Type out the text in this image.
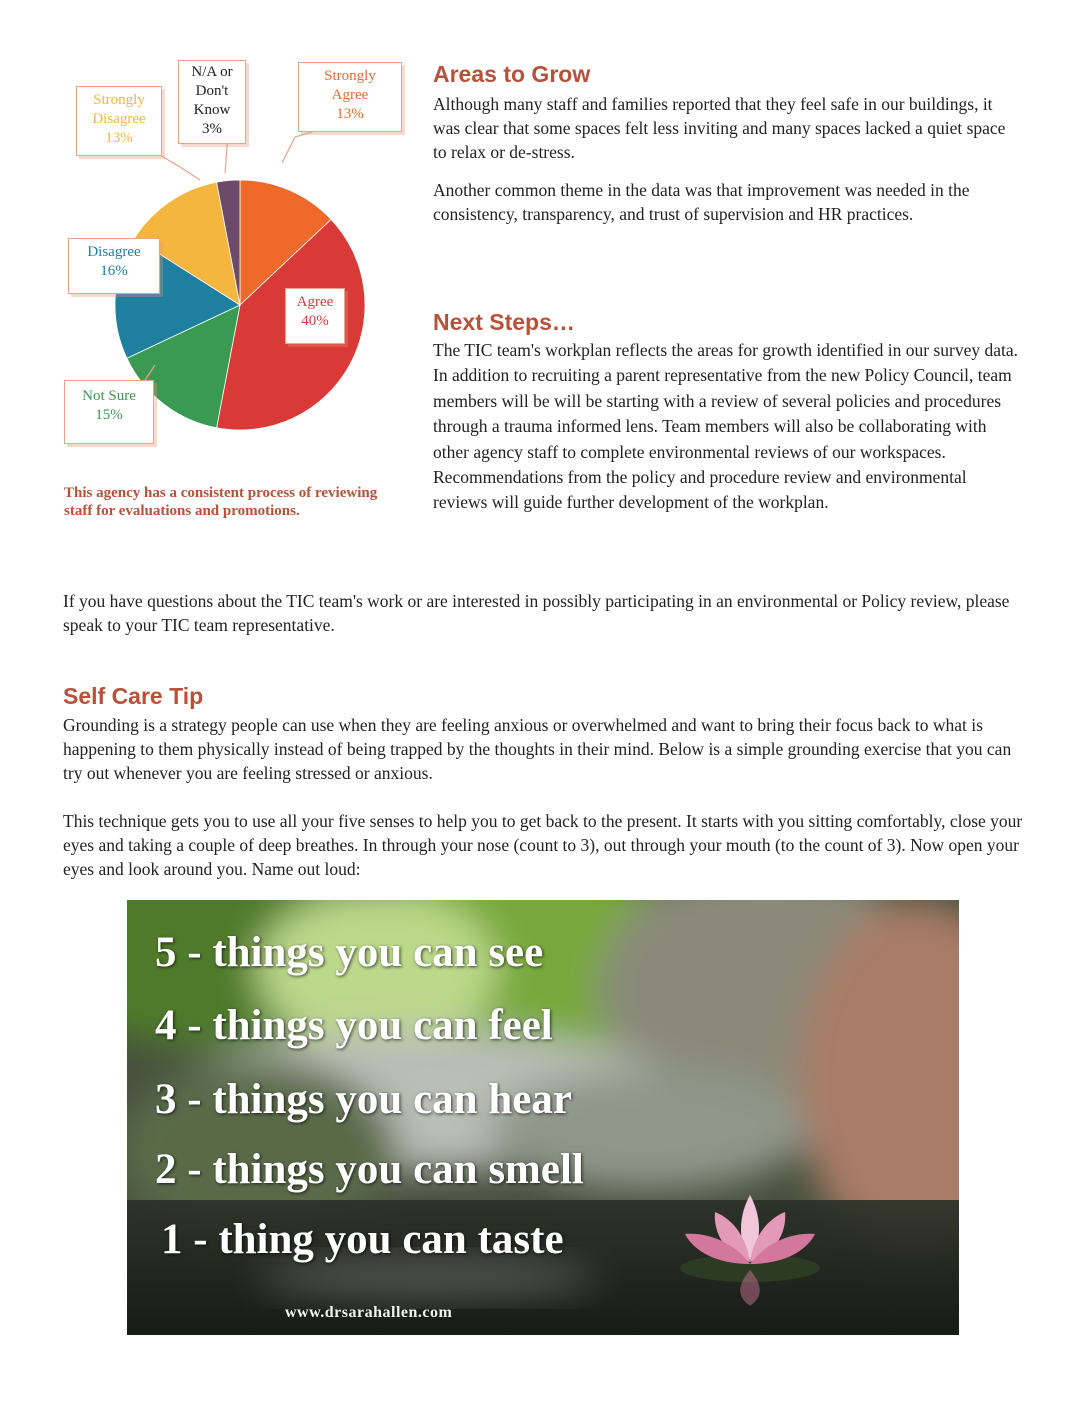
N/A or
Don't
Know
3%
Strongly
Disagree
13%
Strongly
Agree
13%
Disagree
16%
Agree
40%
Not Sure
15%
This agency has a consistent process of reviewing staff for evaluations and promotions.
Areas to Grow

Although many staff and families reported that they feel safe in our buildings, it was clear that some spaces felt less inviting and many spaces lacked a quiet space to relax or de-stress.

Another common theme in the data was that improvement was needed in the consistency, transparency, and trust of supervision and HR practices.

Next Steps…

The TIC team's workplan reflects the areas for growth identified in our survey data. In addition to recruiting a parent representative from the new Policy Council, team members will be will be starting with a review of several policies and procedures through a trauma informed lens. Team members will also be collaborating with other agency staff to complete environmental reviews of our workspaces. Recommendations from the policy and procedure review and environmental reviews will guide further development of the workplan.

If you have questions about the TIC team's work or are interested in possibly participating in an environmental or Policy review, please speak to your TIC team representative.

Self Care Tip

Grounding is a strategy people can use when they are feeling anxious or overwhelmed and want to bring their focus back to what is happening to them physically instead of being trapped by the thoughts in their mind. Below is a simple grounding exercise that you can try out whenever you are feeling stressed or anxious.

This technique gets you to use all your five senses to help you to get back to the present. It starts with you sitting comfortably, close your eyes and taking a couple of deep breathes. In through your nose (count to 3), out through your mouth (to the count of 3). Now open your eyes and look around you. Name out loud:

5 - things you can see
4 - things you can feel
3 - things you can hear
2 - things you can smell
1 - thing you can taste
www.drsarahallen.com
